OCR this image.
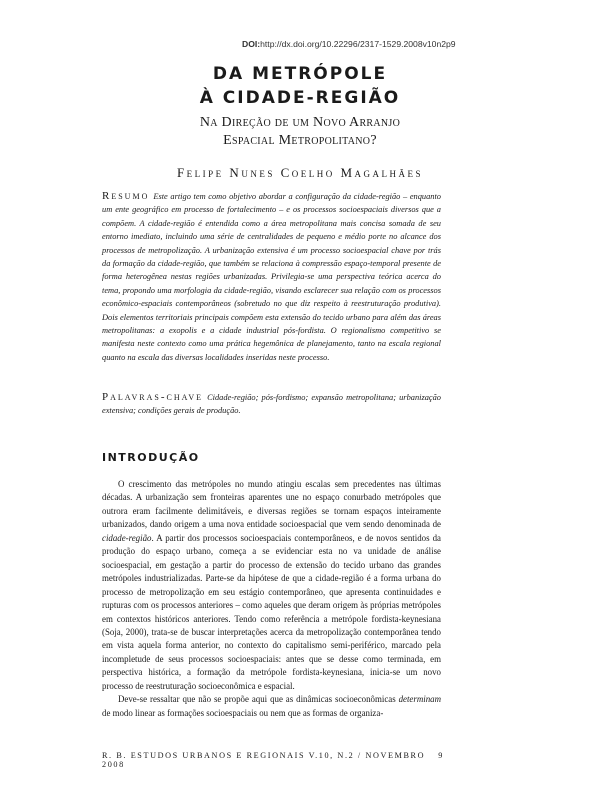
DOI:http://dx.doi.org/10.22296/2317-1529.2008v10n2p9
DA METRÓPOLE
À CIDADE-REGIÃO
Na Direção de um Novo Arranjo
Espacial Metropolitano?
Felipe Nunes Coelho Magalhães
Resumo Este artigo tem como objetivo abordar a configuração da cidade-região – enquanto um ente geográfico em processo de fortalecimento – e os processos socioespaciais diversos que a compõem. A cidade-região é entendida como a área metropolitana mais concisa somada de seu entorno imediato, incluindo uma série de centralidades de pequeno e médio porte no alcance dos processos de metropolização. A urbanização extensiva é um processo socioespacial chave por trás da formação da cidade-região, que também se relaciona à compressão espaço-temporal presente de forma heterogênea nestas regiões urbanizadas. Privilegia-se uma perspectiva teórica acerca do tema, propondo uma morfologia da cidade-região, visando esclarecer sua relação com os processos econômico-espaciais contemporâneos (sobretudo no que diz respeito à reestruturação produtiva). Dois elementos territoriais principais compõem esta extensão do tecido urbano para além das áreas metropolitanas: a exopolis e a cidade industrial pós-fordista. O regionalismo competitivo se manifesta neste contexto como uma prática hegemônica de planejamento, tanto na escala regional quanto na escala das diversas localidades inseridas neste processo.
Palavras-chave Cidade-região; pós-fordismo; expansão metropolitana; urbanização extensiva; condições gerais de produção.
INTRODUÇÃO

O crescimento das metrópoles no mundo atingiu escalas sem precedentes nas últimas décadas. A urbanização sem fronteiras aparentes une no espaço conurbado metrópoles que outrora eram facilmente delimitáveis, e diversas regiões se tornam espaços inteiramente urbanizados, dando origem a uma nova entidade socioespacial que vem sendo denominada de cidade-região. A partir dos processos socioespaciais contemporâneos, e de novos sentidos da produção do espaço urbano, começa a se evidenciar esta no va unidade de análise socioespacial, em gestação a partir do processo de extensão do tecido urbano das grandes metrópoles industrializadas. Parte-se da hipótese de que a cidade-região é a forma urbana do processo de metropolização em seu estágio contemporâneo, que apresenta continuidades e rupturas com os processos anteriores – como aqueles que deram origem às próprias metrópoles em contextos históricos anteriores. Tendo como referência a metrópole fordista-keynesiana (Soja, 2000), trata-se de buscar interpretações acerca da metropolização contemporânea tendo em vista aquela forma anterior, no contexto do capitalismo semi-periférico, marcado pela incompletude de seus processos socioespaciais: antes que se desse como terminada, em perspectiva histórica, a formação da metrópole fordista-keynesiana, inicia-se um novo processo de reestruturação socioeconômica e espacial.

Deve-se ressaltar que não se propõe aqui que as dinâmicas socioeconômicas determinam de modo linear as formações socioespaciais ou nem que as formas de organiza-

R. B. ESTUDOS URBANOS E REGIONAIS V.10, N.2 / NOVEMBRO 2008
9
